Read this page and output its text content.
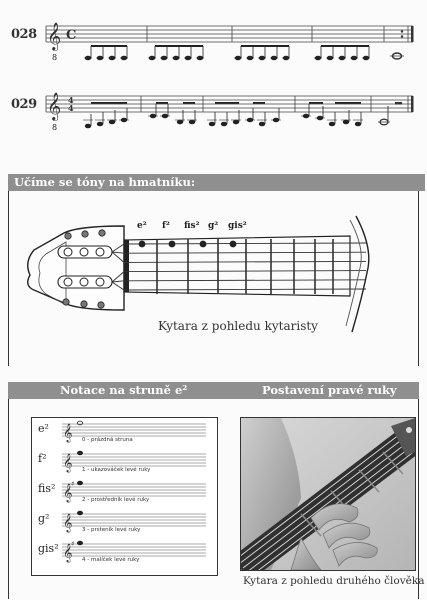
028 𝄞 C
8
029 𝄞 4
4
8
Učíme se tóny na hmatníku:
e² f² fis² g² gis²
Kytara z pohledu kytaristy
Notace na struně e²	Postavení pravé ruky
𝄞
𝄞
𝄞
♯
𝄞
𝄞
♯
e²
0 - prázdná struna
f²
1 - ukazováček levé ruky
fis²
2 - prostředník levé ruky
g²
3 - prsteník levé ruky
gis²
4 - malíček levé ruky
Kytara z pohledu druhého člověka
